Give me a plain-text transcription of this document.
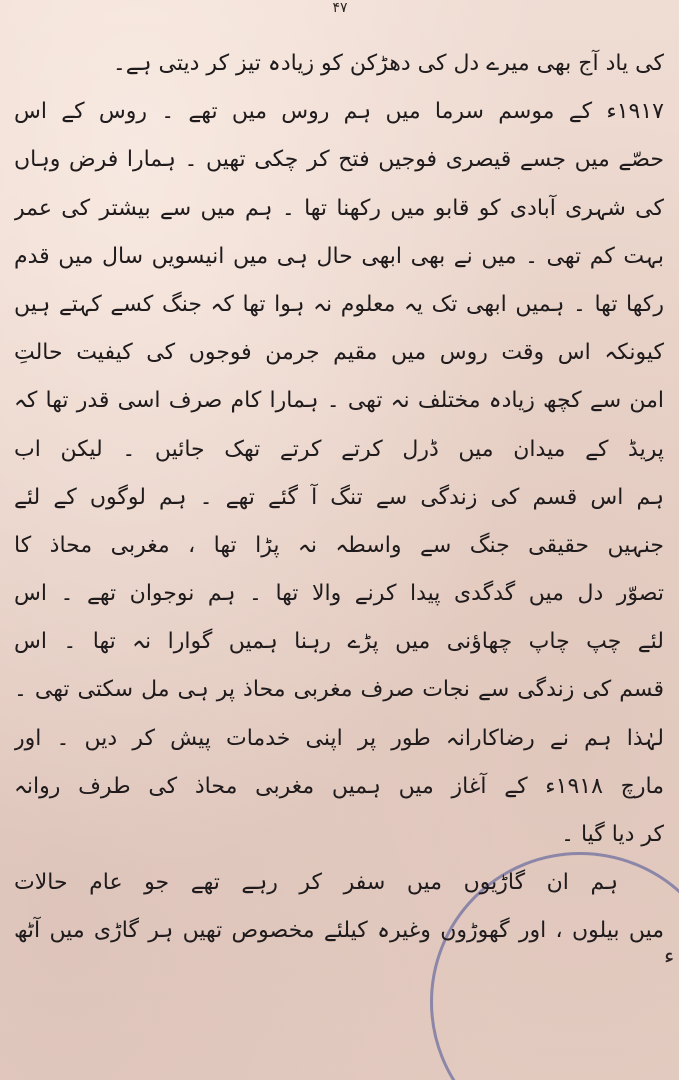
۴۷
کی یاد آج بھی میرے دل کی دھڑکن کو زیادہ تیز کر دیتی ہے۔
۱۹۱۷ء کے موسم سرما میں ہم روس میں تھے ۔ روس کے اس
حصّے میں جسے قیصری فوجیں فتح کر چکی تھیں ۔ ہمارا فرض وہاں
کی شہری آبادی کو قابو میں رکھنا تھا ۔ ہم میں سے بیشتر کی عمر
بہت کم تھی ۔ میں نے بھی ابھی حال ہی میں انیسویں سال میں قدم
رکھا تھا ۔ ہمیں ابھی تک یہ معلوم نہ ہوا تھا کہ جنگ کسے کہتے ہیں
کیونکہ اس وقت روس میں مقیم جرمن فوجوں کی کیفیت حالتِ
امن سے کچھ زیادہ مختلف نہ تھی ۔ ہمارا کام صرف اسی قدر تھا کہ
پریڈ کے میدان میں ڈرل کرتے کرتے تھک جائیں ۔ لیکن اب
ہم اس قسم کی زندگی سے تنگ آ گئے تھے ۔ ہم لوگوں کے لئے
جنہیں حقیقی جنگ سے واسطہ نہ پڑا تھا ، مغربی محاذ کا
تصوّر دل میں گدگدی پیدا کرنے والا تھا ۔ ہم نوجوان تھے ۔ اس
لئے چپ چاپ چھاؤنی میں پڑے رہنا ہمیں گوارا نہ تھا ۔ اس
قسم کی زندگی سے نجات صرف مغربی محاذ پر ہی مل سکتی تھی ۔
لہٰذا ہم نے رضاکارانہ طور پر اپنی خدمات پیش کر دیں ۔ اور
مارچ ۱۹۱۸ء کے آغاز میں ہمیں مغربی محاذ کی طرف روانہ
کر دیا گیا ۔
ہم ان گاڑیوں میں سفر کر رہے تھے جو عام حالات
میں بیلوں ، اور گھوڑوں وغیرہ کیلئے مخصوص تھیں ہر گاڑی میں آٹھ
ء
